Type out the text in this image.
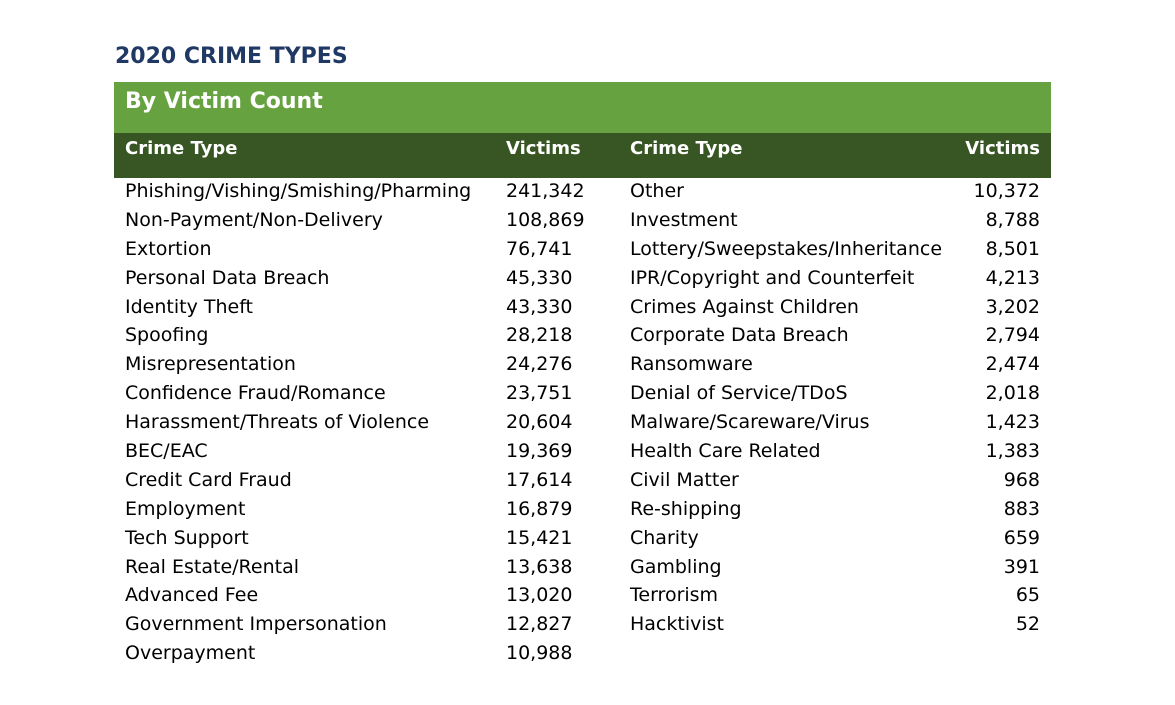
2020 CRIME TYPES
By Victim Count
Crime Type	Victims	Crime Type	Victims
Phishing/Vishing/Smishing/Pharming 241,342 Other	10,372
Non-Payment/Non-Delivery	108,869 Investment	8,788
Extortion	76,741	Lottery/Sweepstakes/Inheritance 8,501
Personal Data Breach	45,330	IPR/Copyright and Counterfeit	4,213
Identity Theft	43,330	Crimes Against Children	3,202
Spoofing	28,218	Corporate Data Breach	2,794
Misrepresentation	24,276	Ransomware	2,474
Confidence Fraud/Romance	23,751	Denial of Service/TDoS	2,018
Harassment/Threats of Violence	20,604	Malware/Scareware/Virus	1,423
BEC/EAC	19,369	Health Care Related	1,383
Credit Card Fraud	17,614	Civil Matter	968
Employment	16,879	Re-shipping	883
Tech Support	15,421	Charity	659
Real Estate/Rental	13,638	Gambling	391
Advanced Fee	13,020	Terrorism	65
Government Impersonation	12,827	Hacktivist	52
Overpayment	10,988
